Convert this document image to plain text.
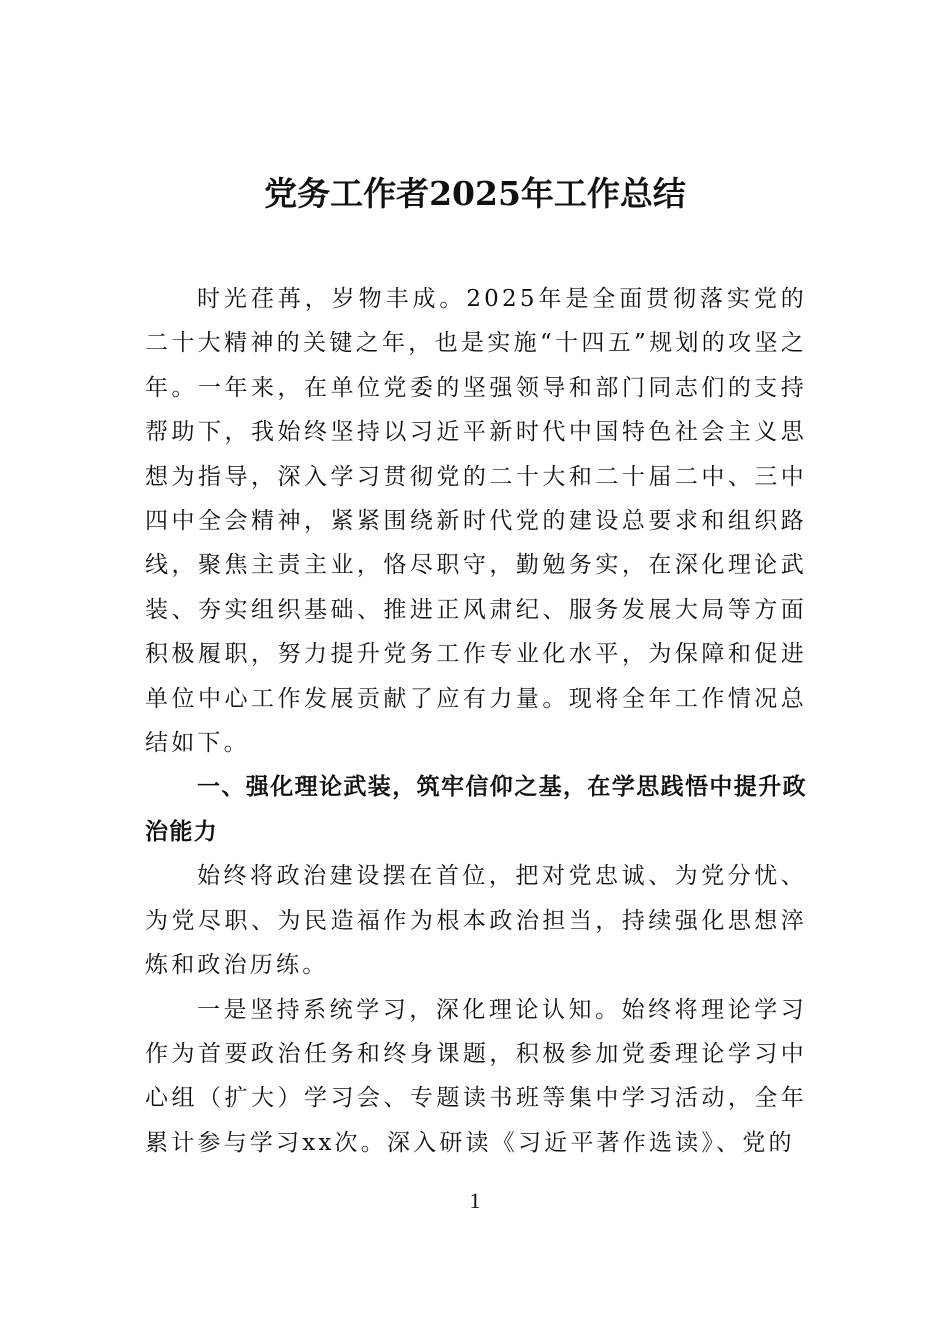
党务工作者2025年工作总结

时光荏苒，岁物丰成。2025年是全面贯彻落实党的二十大精神的关键之年，也是实施“十四五”规划的攻坚之年。一年来，在单位党委的坚强领导和部门同志们的支持帮助下，我始终坚持以习近平新时代中国特色社会主义思想为指导，深入学习贯彻党的二十大和二十届二中、三中四中全会精神，紧紧围绕新时代党的建设总要求和组织路线，聚焦主责主业，恪尽职守，勤勉务实，在深化理论武装、夯实组织基础、推进正风肃纪、服务发展大局等方面积极履职，努力提升党务工作专业化水平，为保障和促进单位中心工作发展贡献了应有力量。现将全年工作情况总结如下。

一、强化理论武装，筑牢信仰之基，在学思践悟中提升政治能力

始终将政治建设摆在首位，把对党忠诚、为党分忧、为党尽职、为民造福作为根本政治担当，持续强化思想淬炼和政治历练。

一是坚持系统学习，深化理论认知。始终将理论学习作为首要政治任务和终身课题，积极参加党委理论学习中心组（扩大）学习会、专题读书班等集中学习活动，全年累计参与学习xx次。深入研读《习近平著作选读》、党的

1
